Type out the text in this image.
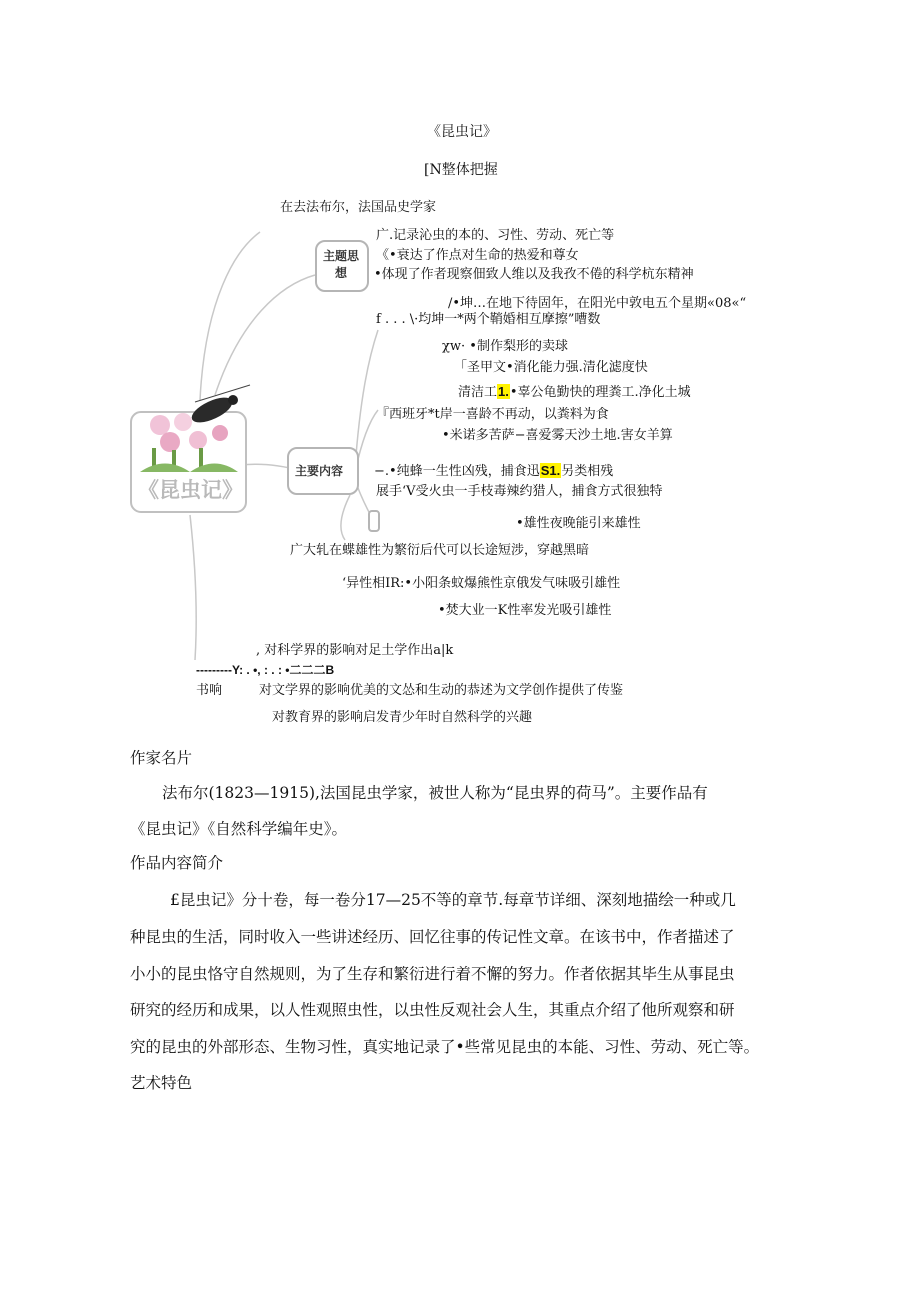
《昆虫记》
主题思想
主要内容
《昆虫记》
[N整体把握
在去法布尔，法国品史学家
广.记录沁虫的本的、习性、劳动、死亡等
《•衰达了作点对生命的热爱和尊女
•体现了作者现察佃致人维以及我孜不倦的科学杭东精神
/•坤…在地下待固年，在阳光中敦电五个星期«08«“
f . . . \·均坤一*两个鞘婚相互摩擦”嘈数
χw· •制作梨形的卖球
「圣甲文•消化能力强.清化滤度快
清洁工1.•辜公龟勤快的理粪工.净化土城
『西班牙*t岸一喜龄不再动，以粪料为食
•米诺多苦萨−喜爱雾天沙土地.害女羊算
−.•纯蜂一生性凶残，捕食迅S1.另类相残
展手‘V受火虫一手枝毒辣约猎人，捕食方式很独特
•雄性夜晚能引来雄性
广大轧在蝶雄性为繁衍后代可以长途短涉，穿越黑暗
‘异性相IR:•小阳条蚊爆熊性京俄发气味吸引雄性
•焚大业一K性率发光吸引雄性
, 对科学界的影响对足土学作出a|k
---------Y: . •, : . : •二二二B
书响	对文学界的影响优美的文怂和生动的恭述为文学创作提供了传鉴
对教育界的影响启发青少年时自然科学的兴趣
作家名片
法布尔(1823—1915),法国昆虫学家，被世人称为“昆虫界的荷马”。主要作品有
《昆虫记》《自然科学编年史》。
作品内容简介
£昆虫记》分十卷，每一卷分17—25不等的章节.每章节详细、深刻地描绘一种或几
种昆虫的生活，同时收入一些讲述经历、回忆往事的传记性文章。在该书中，作者描述了
小小的昆虫恪守自然规则，为了生存和繁衍进行着不懈的努力。作者依据其毕生从事昆虫
研究的经历和成果，以人性观照虫性，以虫性反观社会人生，其重点介绍了他所观察和研
究的昆虫的外部形态、生物习性，真实地记录了•些常见昆虫的本能、习性、劳动、死亡等。
艺术特色
